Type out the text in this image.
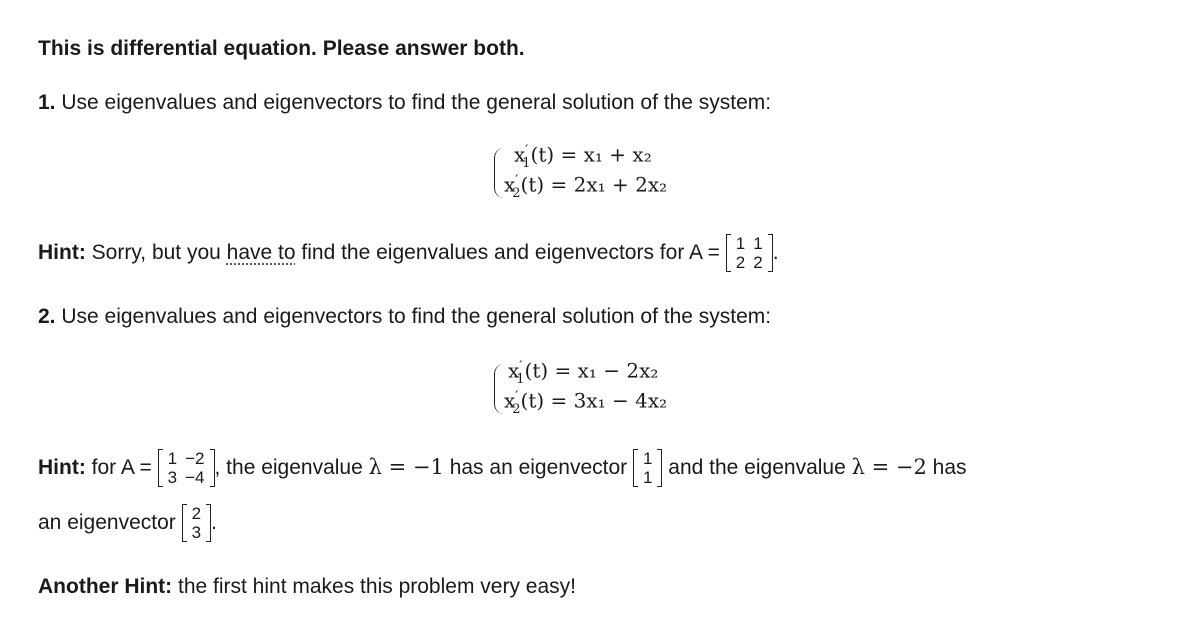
This is differential equation. Please answer both.
1. Use eigenvalues and eigenvectors to find the general solution of the system:
$x'_1(t) = x_1 + x_2$
$x'_2(t) = 2x_1 + 2x_2$
Hint: Sorry, but you have to find the eigenvalues and eigenvectors for A = 1	1
2	2 .
2. Use eigenvalues and eigenvectors to find the general solution of the system:
$x'_1(t) = x_1 - 2x_2$
$x'_2(t) = 3x_1 - 4x_2$
Hint: for A = 1	−2
3	−4 , the eigenvalue λ = −1 has an eigenvector 1
1 and the eigenvalue λ = −2 has
an eigenvector 2
3 .
Another Hint: the first hint makes this problem very easy!
